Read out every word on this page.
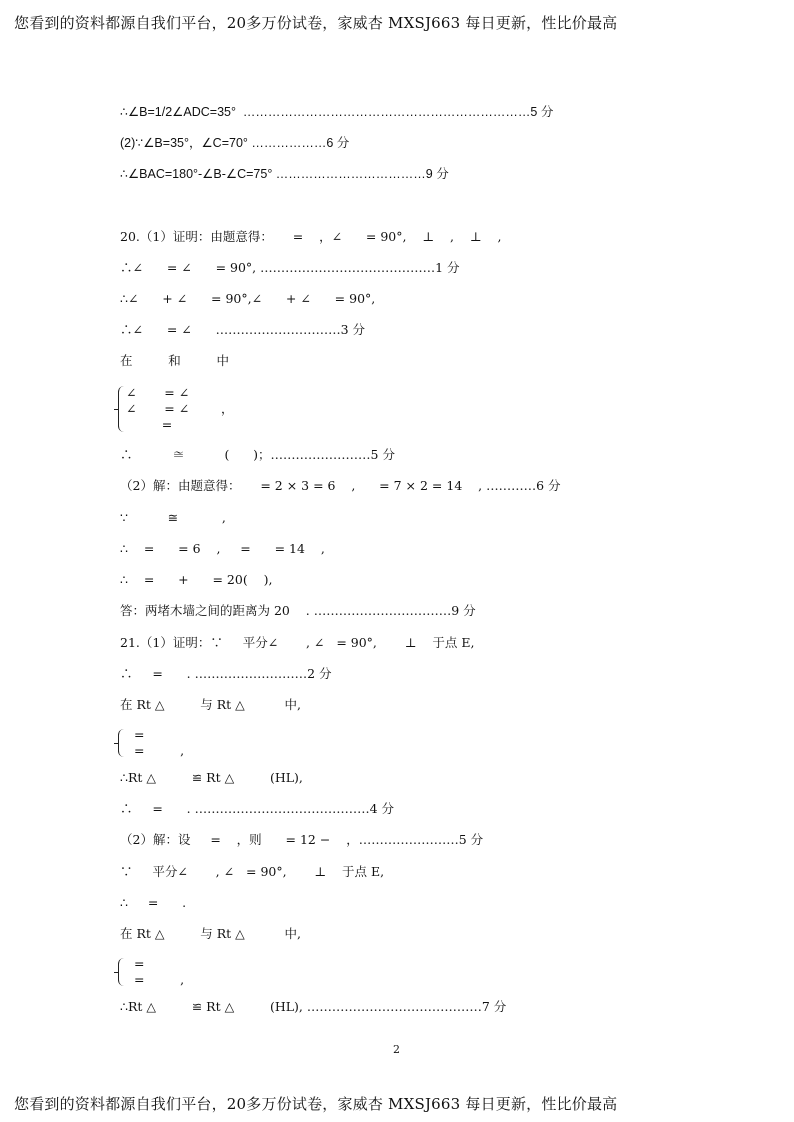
您看到的资料都源自我们平台，20多万份试卷，家威杏 MXSJ663 每日更新，性比价最高
∴∠B=1/2∠ADC=35°  ……………………………………………………………5 分
(2)∵∠B=35°，∠C=70° ………………6 分
∴∠BAC=180°-∠B-∠C=75° ………………………………9 分
20.（1）证明：由题意得：     =    ，∠      = 90°,    ⊥    ,    ⊥    ,
∴∠      = ∠      = 90°, ……………………………………1 分
∴∠      + ∠      = 90°,∠      + ∠      = 90°,
∴∠      = ∠      …………………………3 分
在         和         中
∠       = ∠
∠       = ∠        ，
=
∴          ≅          (      )；……………………5 分
（2）解：由题意得：     = 2 × 3 = 6    ,      = 7 × 2 = 14    , …………6 分
∵          ≅           ,
∴    =      = 6    ,     =      = 14    ,
∴    =      +      = 20(    ),
答：两堵木墙之间的距离为 20    . ……………………………9 分
21.（1）证明：∵     平分∠       , ∠   = 90°,       ⊥    于点 E,
∴     =      . ………………………2 分
在 Rt △         与 Rt △          中,
=
=         ,
∴Rt △         ≌ Rt △         (HL),
∴     =      . ……………………………………4 分
（2）解：设     =    ，则      = 12 −    ，……………………5 分
∵     平分∠       , ∠   = 90°,       ⊥    于点 E,
∴     =      .
在 Rt △         与 Rt △          中,
=
=         ,
∴Rt △         ≌ Rt △         (HL), ……………………………………7 分
2
您看到的资料都源自我们平台，20多万份试卷，家威杏 MXSJ663 每日更新，性比价最高
